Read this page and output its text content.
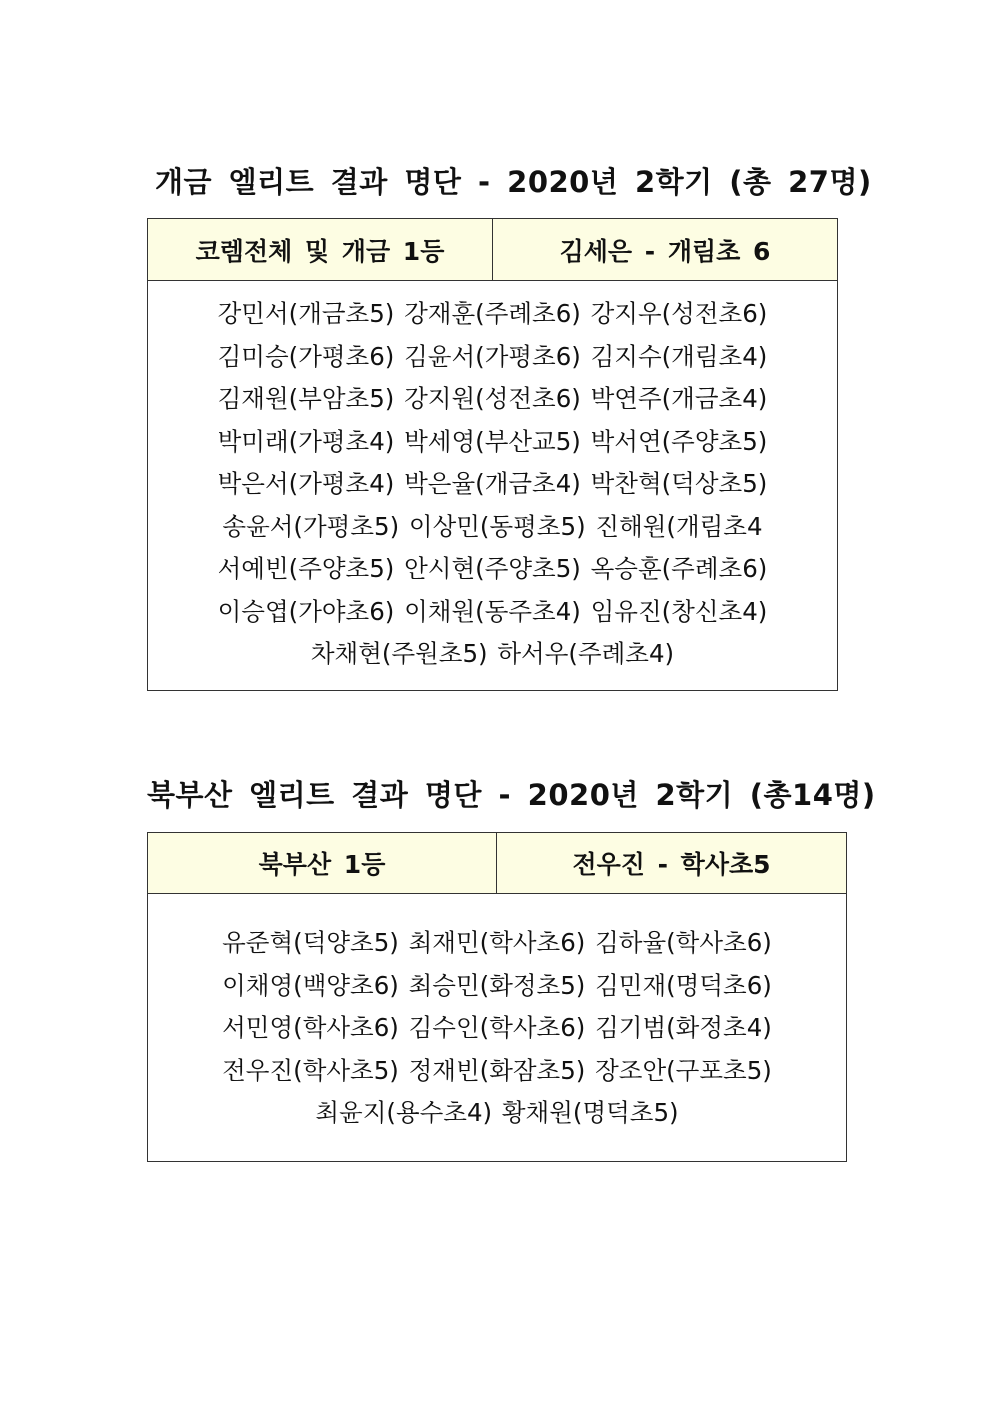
개금 엘리트 결과 명단 - 2020년 2학기 (총 27명)
코렘전체 및 개금 1등	김세은 - 개림초 6
강민서(개금초5) 강재훈(주례초6) 강지우(성전초6)
김미승(가평초6) 김윤서(가평초6) 김지수(개림초4)
김재원(부암초5) 강지원(성전초6) 박연주(개금초4)
박미래(가평초4) 박세영(부산교5) 박서연(주양초5)
박은서(가평초4) 박은율(개금초4) 박찬혁(덕상초5)
송윤서(가평초5) 이상민(동평초5) 진해원(개림초4
서예빈(주양초5) 안시현(주양초5) 옥승훈(주례초6)
이승엽(가야초6) 이채원(동주초4) 임유진(창신초4)
차채현(주원초5) 하서우(주례초4)
북부산 엘리트 결과 명단 - 2020년 2학기 (총14명)
북부산 1등	전우진 - 학사초5
유준혁(덕양초5) 최재민(학사초6) 김하율(학사초6)
이채영(백양초6) 최승민(화정초5) 김민재(명덕초6)
서민영(학사초6) 김수인(학사초6) 김기범(화정초4)
전우진(학사초5) 정재빈(화잠초5) 장조안(구포초5)
최윤지(용수초4) 황채원(명덕초5)
